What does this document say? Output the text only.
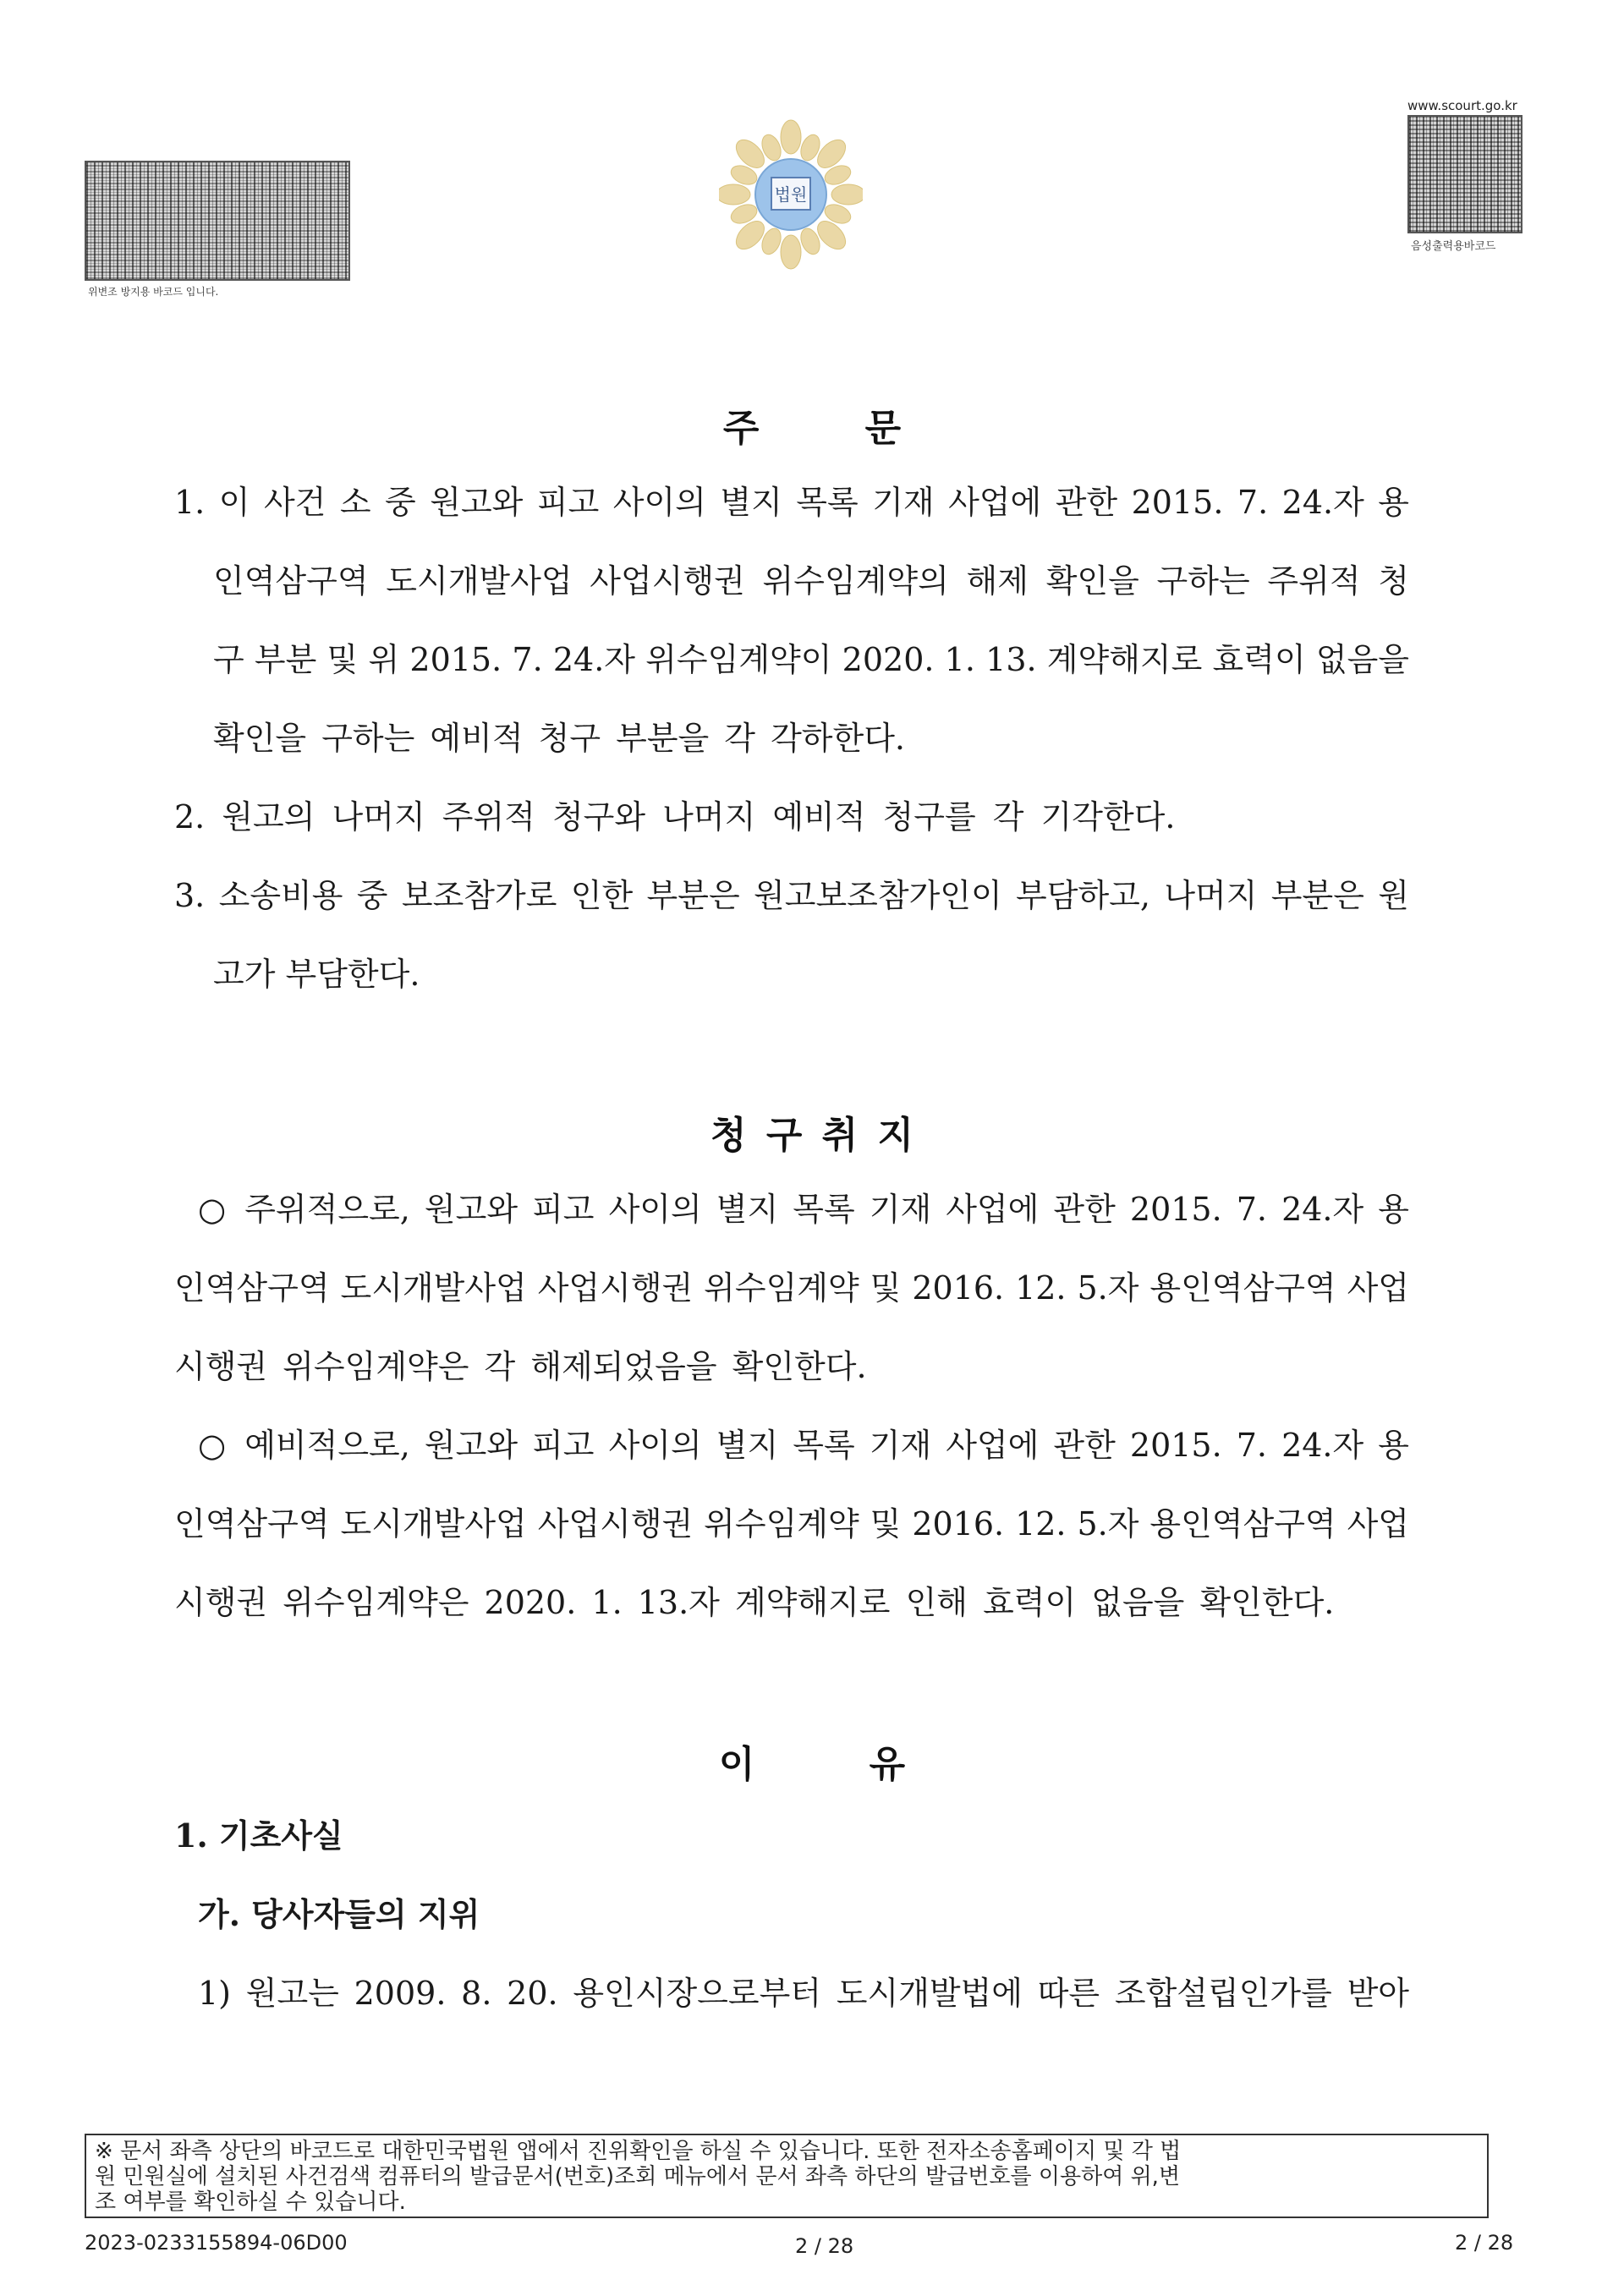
위변조 방지용 바코드 입니다.
법원
www.scourt.go.kr
음성출력용바코드
주 문
1. 이 사건 소 중 원고와 피고 사이의 별지 목록 기재 사업에 관한 2015. 7. 24.자 용
인역삼구역 도시개발사업 사업시행권 위수임계약의 해제 확인을 구하는 주위적 청
구 부분 및 위 2015. 7. 24.자 위수임계약이 2020. 1. 13. 계약해지로 효력이 없음을
확인을 구하는 예비적 청구 부분을 각 각하한다.
2. 원고의 나머지 주위적 청구와 나머지 예비적 청구를 각 기각한다.
3. 소송비용 중 보조참가로 인한 부분은 원고보조참가인이 부담하고, 나머지 부분은 원
고가 부담한다.
청 구 취 지
○ 주위적으로, 원고와 피고 사이의 별지 목록 기재 사업에 관한 2015. 7. 24.자 용
인역삼구역 도시개발사업 사업시행권 위수임계약 및 2016. 12. 5.자 용인역삼구역 사업
시행권 위수임계약은 각 해제되었음을 확인한다.
○ 예비적으로, 원고와 피고 사이의 별지 목록 기재 사업에 관한 2015. 7. 24.자 용
인역삼구역 도시개발사업 사업시행권 위수임계약 및 2016. 12. 5.자 용인역삼구역 사업
시행권 위수임계약은 2020. 1. 13.자 계약해지로 인해 효력이 없음을 확인한다.
이 유
1. 기초사실
가. 당사자들의 지위
1) 원고는 2009. 8. 20. 용인시장으로부터 도시개발법에 따른 조합설립인가를 받아
※ 문서 좌측 상단의 바코드로 대한민국법원 앱에서 진위확인을 하실 수 있습니다. 또한 전자소송홈페이지 및 각 법
원 민원실에 설치된 사건검색 컴퓨터의 발급문서(번호)조회 메뉴에서 문서 좌측 하단의 발급번호를 이용하여 위,변
조 여부를 확인하실 수 있습니다.
2023-0233155894-06D00	2 / 28	2 / 28
